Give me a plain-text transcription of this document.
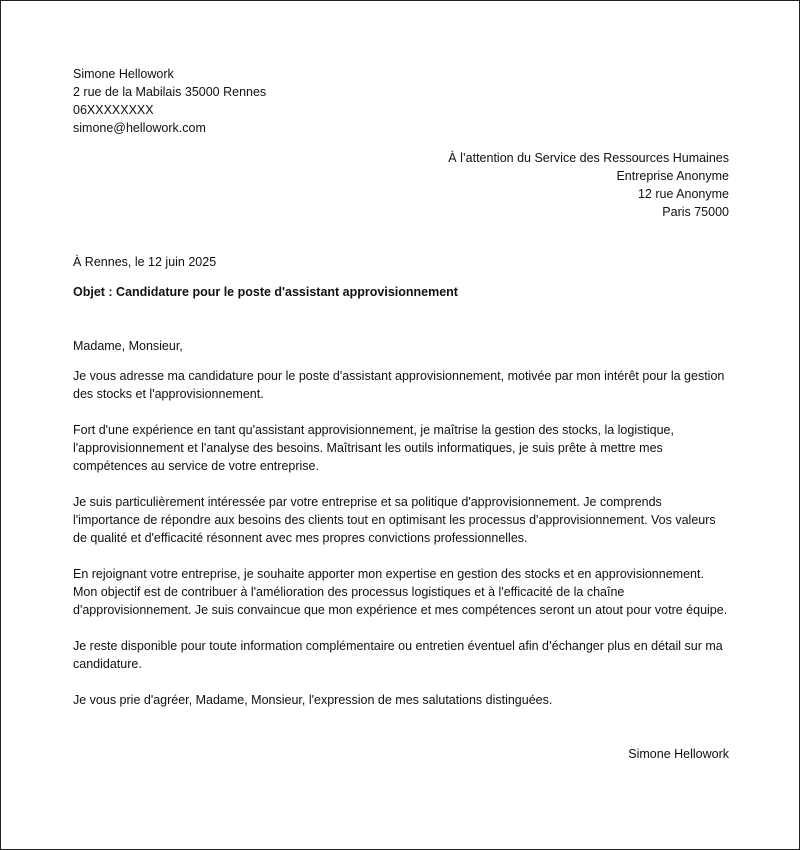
Simone Hellowork
2 rue de la Mabilais 35000 Rennes
06XXXXXXXX
simone@hellowork.com
À l’attention du Service des Ressources Humaines
Entreprise Anonyme
12 rue Anonyme
Paris 75000
À Rennes, le 12 juin 2025
Objet : Candidature pour le poste d'assistant approvisionnement
Madame, Monsieur,
Je vous adresse ma candidature pour le poste d'assistant approvisionnement, motivée par mon intérêt pour la gestion des stocks et l'approvisionnement.
Fort d'une expérience en tant qu'assistant approvisionnement, je maîtrise la gestion des stocks, la logistique, l'approvisionnement et l'analyse des besoins. Maîtrisant les outils informatiques, je suis prête à mettre mes compétences au service de votre entreprise.
Je suis particulièrement intéressée par votre entreprise et sa politique d'approvisionnement. Je comprends l'importance de répondre aux besoins des clients tout en optimisant les processus d'approvisionnement. Vos valeurs de qualité et d'efficacité résonnent avec mes propres convictions professionnelles.
En rejoignant votre entreprise, je souhaite apporter mon expertise en gestion des stocks et en approvisionnement. Mon objectif est de contribuer à l'amélioration des processus logistiques et à l'efficacité de la chaîne d'approvisionnement. Je suis convaincue que mon expérience et mes compétences seront un atout pour votre équipe.
Je reste disponible pour toute information complémentaire ou entretien éventuel afin d’échanger plus en détail sur ma candidature.
Je vous prie d'agréer, Madame, Monsieur, l'expression de mes salutations distinguées.
Simone Hellowork
